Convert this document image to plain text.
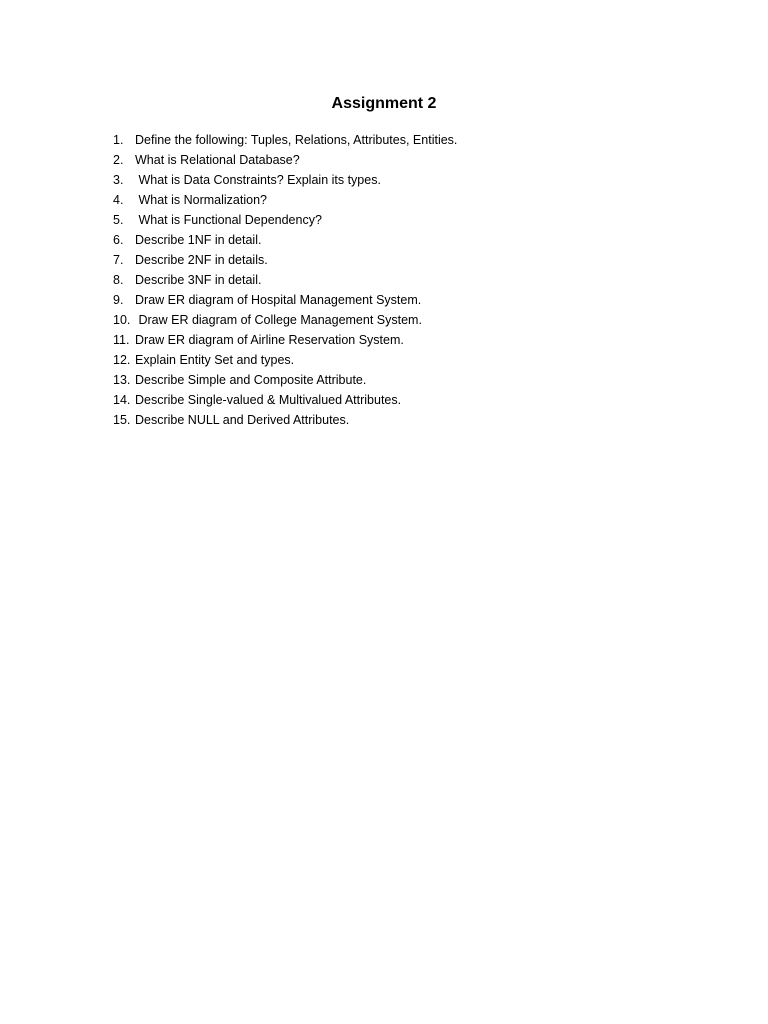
Assignment 2
1. Define the following: Tuples, Relations, Attributes, Entities.
2. What is Relational Database?
3. What is Data Constraints? Explain its types.
4. What is Normalization?
5. What is Functional Dependency?
6. Describe 1NF in detail.
7. Describe 2NF in details.
8. Describe 3NF in detail.
9. Draw ER diagram of Hospital Management System.
10. Draw ER diagram of College Management System.
11. Draw ER diagram of Airline Reservation System.
12. Explain Entity Set and types.
13. Describe Simple and Composite Attribute.
14. Describe Single-valued & Multivalued Attributes.
15. Describe NULL and Derived Attributes.
